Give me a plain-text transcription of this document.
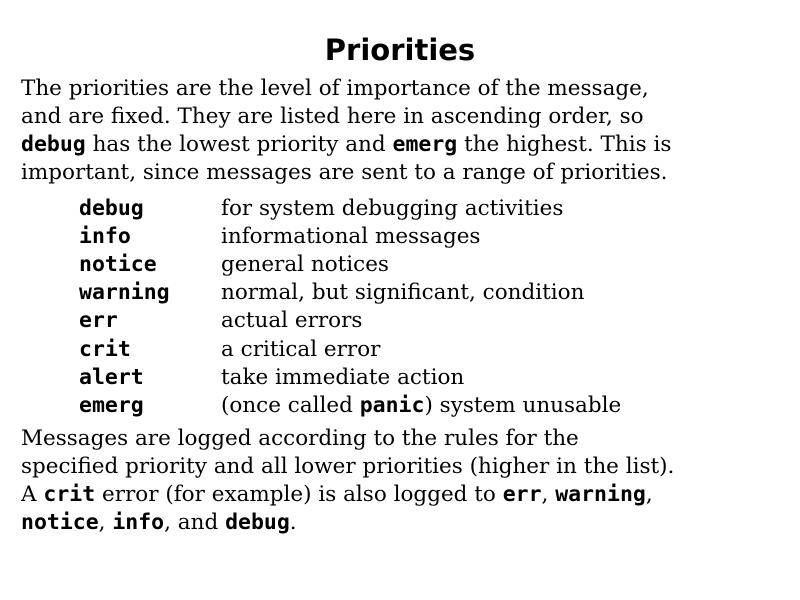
Priorities

The priorities are the level of importance of the message,
and are fixed. They are listed here in ascending order, so
debug has the lowest priority and emerg the highest. This is
important, since messages are sent to a range of priorities.

debug	for system debugging activities
info	informational messages
notice	general notices
warning	normal, but significant, condition
err	actual errors
crit	a critical error
alert	take immediate action
emerg	(once called panic) system unusable

Messages are logged according to the rules for the
specified priority and all lower priorities (higher in the list).
A crit error (for example) is also logged to err, warning,
notice, info, and debug.
